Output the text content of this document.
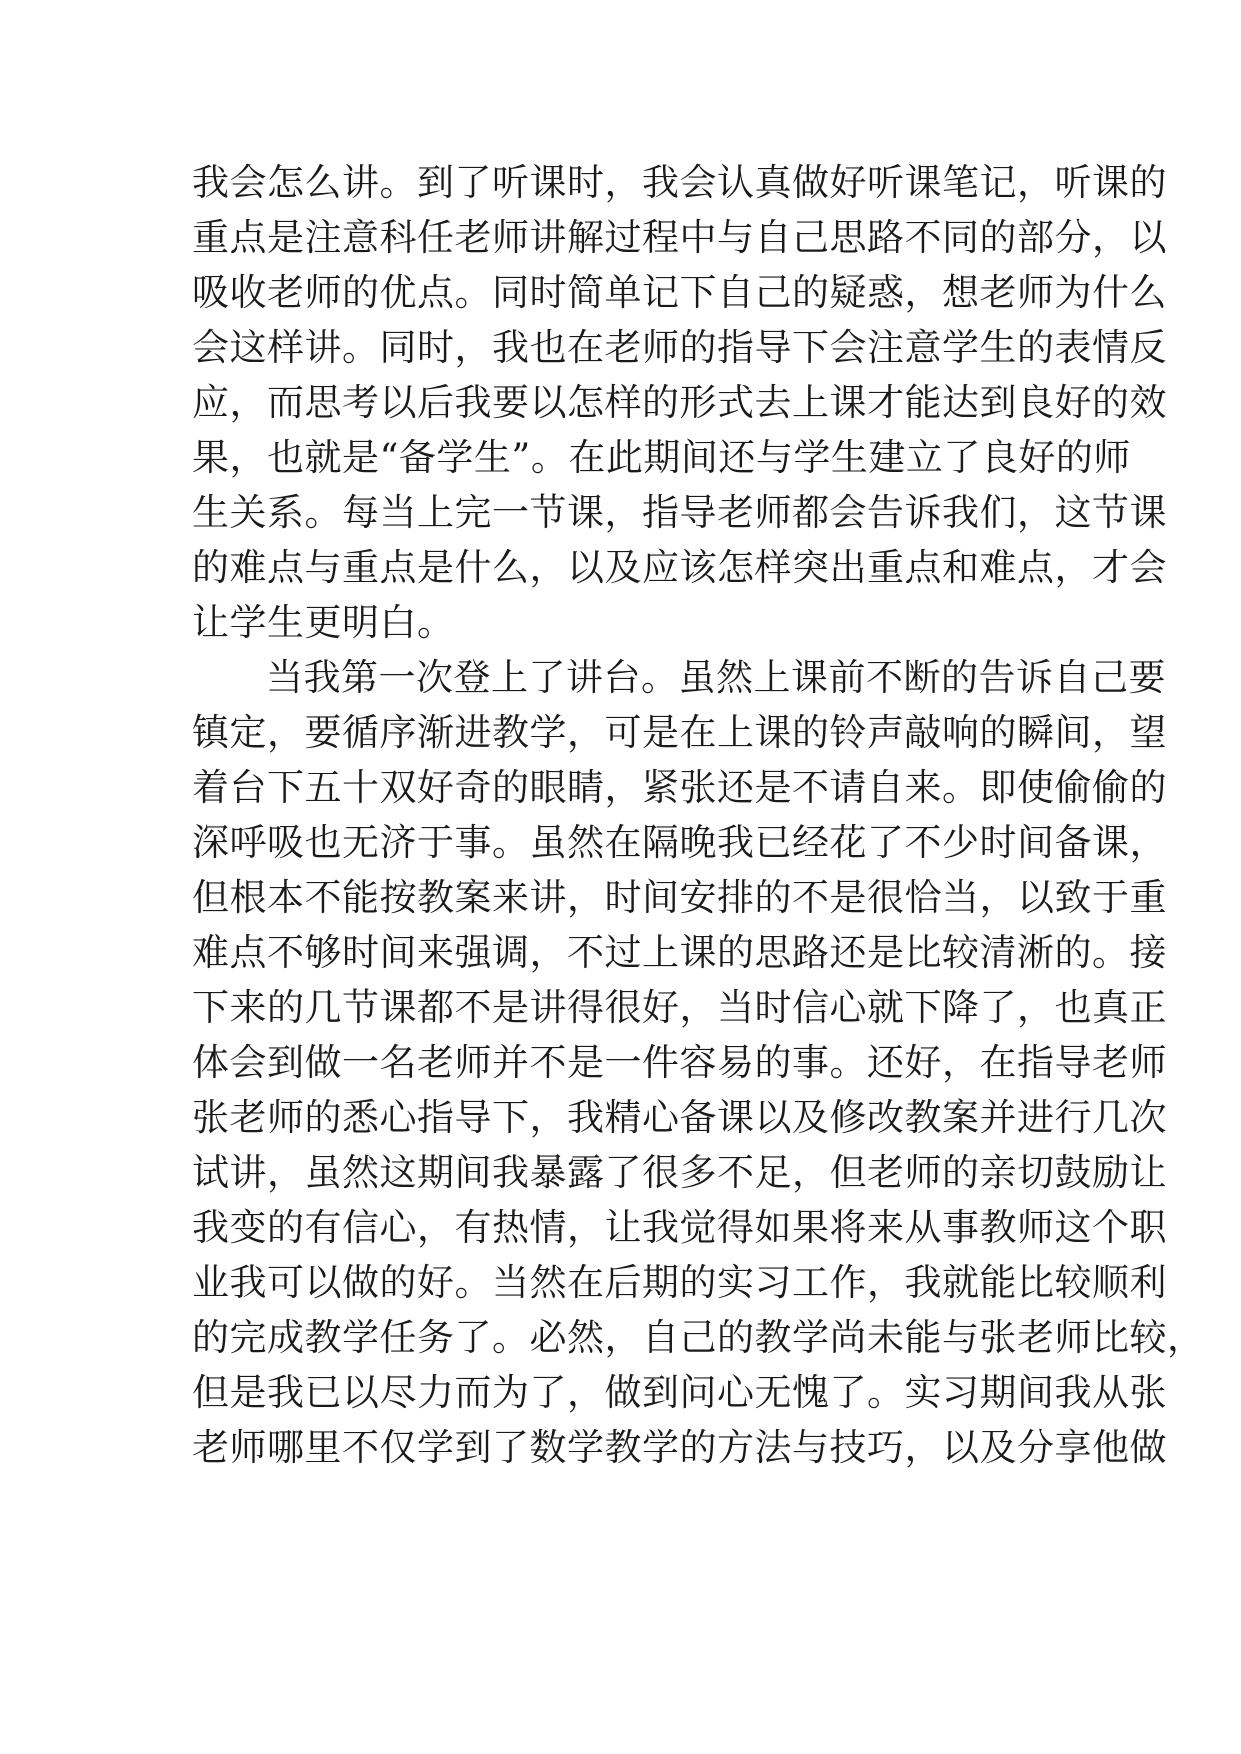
我会怎么讲。到了听课时，我会认真做好听课笔记，听课的
重点是注意科任老师讲解过程中与自己思路不同的部分，以
吸收老师的优点。同时简单记下自己的疑惑，想老师为什么
会这样讲。同时，我也在老师的指导下会注意学生的表情反
应，而思考以后我要以怎样的形式去上课才能达到良好的效
果，也就是“备学生”。在此期间还与学生建立了良好的师
生关系。每当上完一节课，指导老师都会告诉我们，这节课
的难点与重点是什么，以及应该怎样突出重点和难点，才会
让学生更明白。
当我第一次登上了讲台。虽然上课前不断的告诉自己要
镇定，要循序渐进教学，可是在上课的铃声敲响的瞬间，望
着台下五十双好奇的眼睛，紧张还是不请自来。即使偷偷的
深呼吸也无济于事。虽然在隔晚我已经花了不少时间备课，
但根本不能按教案来讲，时间安排的不是很恰当，以致于重
难点不够时间来强调，不过上课的思路还是比较清淅的。接
下来的几节课都不是讲得很好，当时信心就下降了，也真正
体会到做一名老师并不是一件容易的事。还好，在指导老师
张老师的悉心指导下，我精心备课以及修改教案并进行几次
试讲，虽然这期间我暴露了很多不足，但老师的亲切鼓励让
我变的有信心，有热情，让我觉得如果将来从事教师这个职
业我可以做的好。当然在后期的实习工作，我就能比较顺利
的完成教学任务了。必然，自己的教学尚未能与张老师比较，
但是我已以尽力而为了，做到问心无愧了。实习期间我从张
老师哪里不仅学到了数学教学的方法与技巧，以及分享他做
